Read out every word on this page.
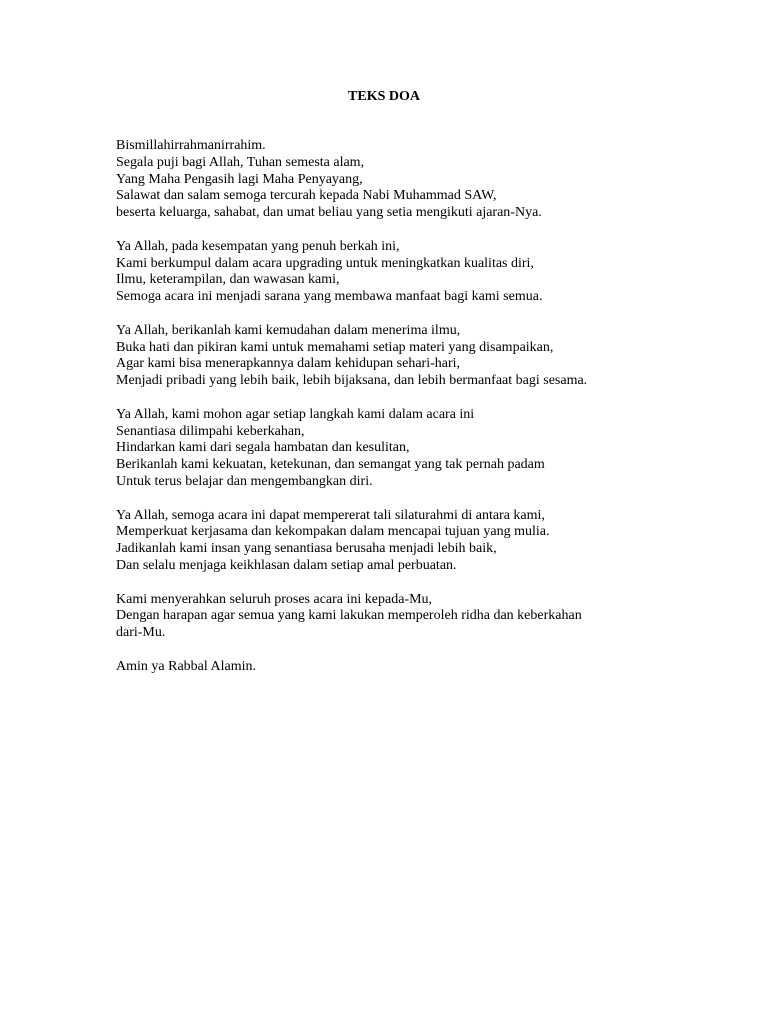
TEKS DOA
Bismillahirrahmanirrahim.
Segala puji bagi Allah, Tuhan semesta alam,
Yang Maha Pengasih lagi Maha Penyayang,
Salawat dan salam semoga tercurah kepada Nabi Muhammad SAW,
beserta keluarga, sahabat, dan umat beliau yang setia mengikuti ajaran-Nya.
Ya Allah, pada kesempatan yang penuh berkah ini,
Kami berkumpul dalam acara upgrading untuk meningkatkan kualitas diri,
Ilmu, keterampilan, dan wawasan kami,
Semoga acara ini menjadi sarana yang membawa manfaat bagi kami semua.
Ya Allah, berikanlah kami kemudahan dalam menerima ilmu,
Buka hati dan pikiran kami untuk memahami setiap materi yang disampaikan,
Agar kami bisa menerapkannya dalam kehidupan sehari-hari,
Menjadi pribadi yang lebih baik, lebih bijaksana, dan lebih bermanfaat bagi sesama.
Ya Allah, kami mohon agar setiap langkah kami dalam acara ini
Senantiasa dilimpahi keberkahan,
Hindarkan kami dari segala hambatan dan kesulitan,
Berikanlah kami kekuatan, ketekunan, dan semangat yang tak pernah padam
Untuk terus belajar dan mengembangkan diri.
Ya Allah, semoga acara ini dapat mempererat tali silaturahmi di antara kami,
Memperkuat kerjasama dan kekompakan dalam mencapai tujuan yang mulia.
Jadikanlah kami insan yang senantiasa berusaha menjadi lebih baik,
Dan selalu menjaga keikhlasan dalam setiap amal perbuatan.
Kami menyerahkan seluruh proses acara ini kepada-Mu,
Dengan harapan agar semua yang kami lakukan memperoleh ridha dan keberkahan
dari-Mu.
Amin ya Rabbal Alamin.
